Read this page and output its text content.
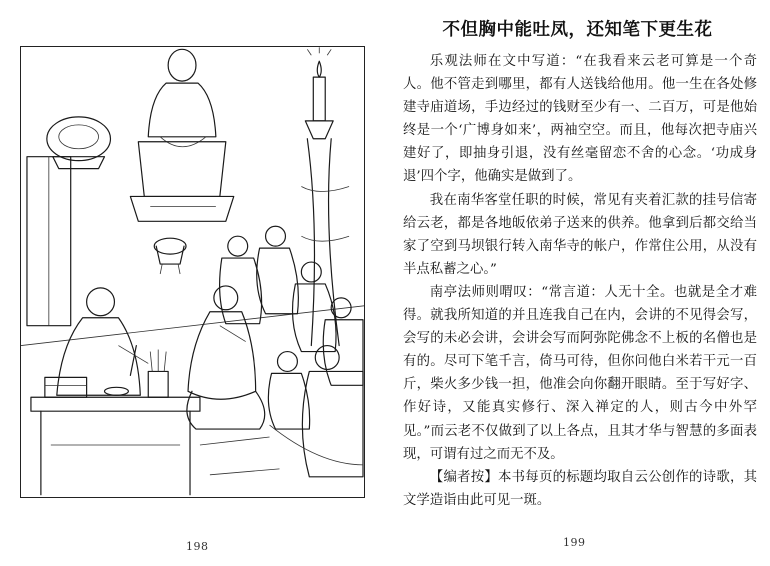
198
不但胸中能吐凤，还知笔下更生花

乐观法师在文中写道：“在我看来云老可算是一个奇人。他不管走到哪里，都有人送钱给他用。他一生在各处修建寺庙道场，手边经过的钱财至少有一、二百万，可是他始终是一个‘广博身如来’，两袖空空。而且，他每次把寺庙兴建好了，即抽身引退，没有丝毫留恋不舍的心念。‘功成身退’四个字，他确实是做到了。

我在南华客堂任职的时候，常见有夹着汇款的挂号信寄给云老，都是各地皈依弟子送来的供养。他拿到后都交给当家了空到马坝银行转入南华寺的帐户，作常住公用，从没有半点私蓄之心。”

南亭法师则喟叹：“常言道：人无十全。也就是全才难得。就我所知道的并且连我自己在内，会讲的不见得会写，会写的未必会讲，会讲会写而阿弥陀佛念不上板的名僧也是有的。尽可下笔千言，倚马可待，但你问他白米若干元一百斤，柴火多少钱一担，他准会向你翻开眼睛。至于写好字、作好诗，又能真实修行、深入禅定的人，则古今中外罕见。”而云老不仅做到了以上各点，且其才华与智慧的多面表现，可谓有过之而无不及。

【编者按】本书每页的标题均取自云公创作的诗歌，其文学造诣由此可见一斑。

199
